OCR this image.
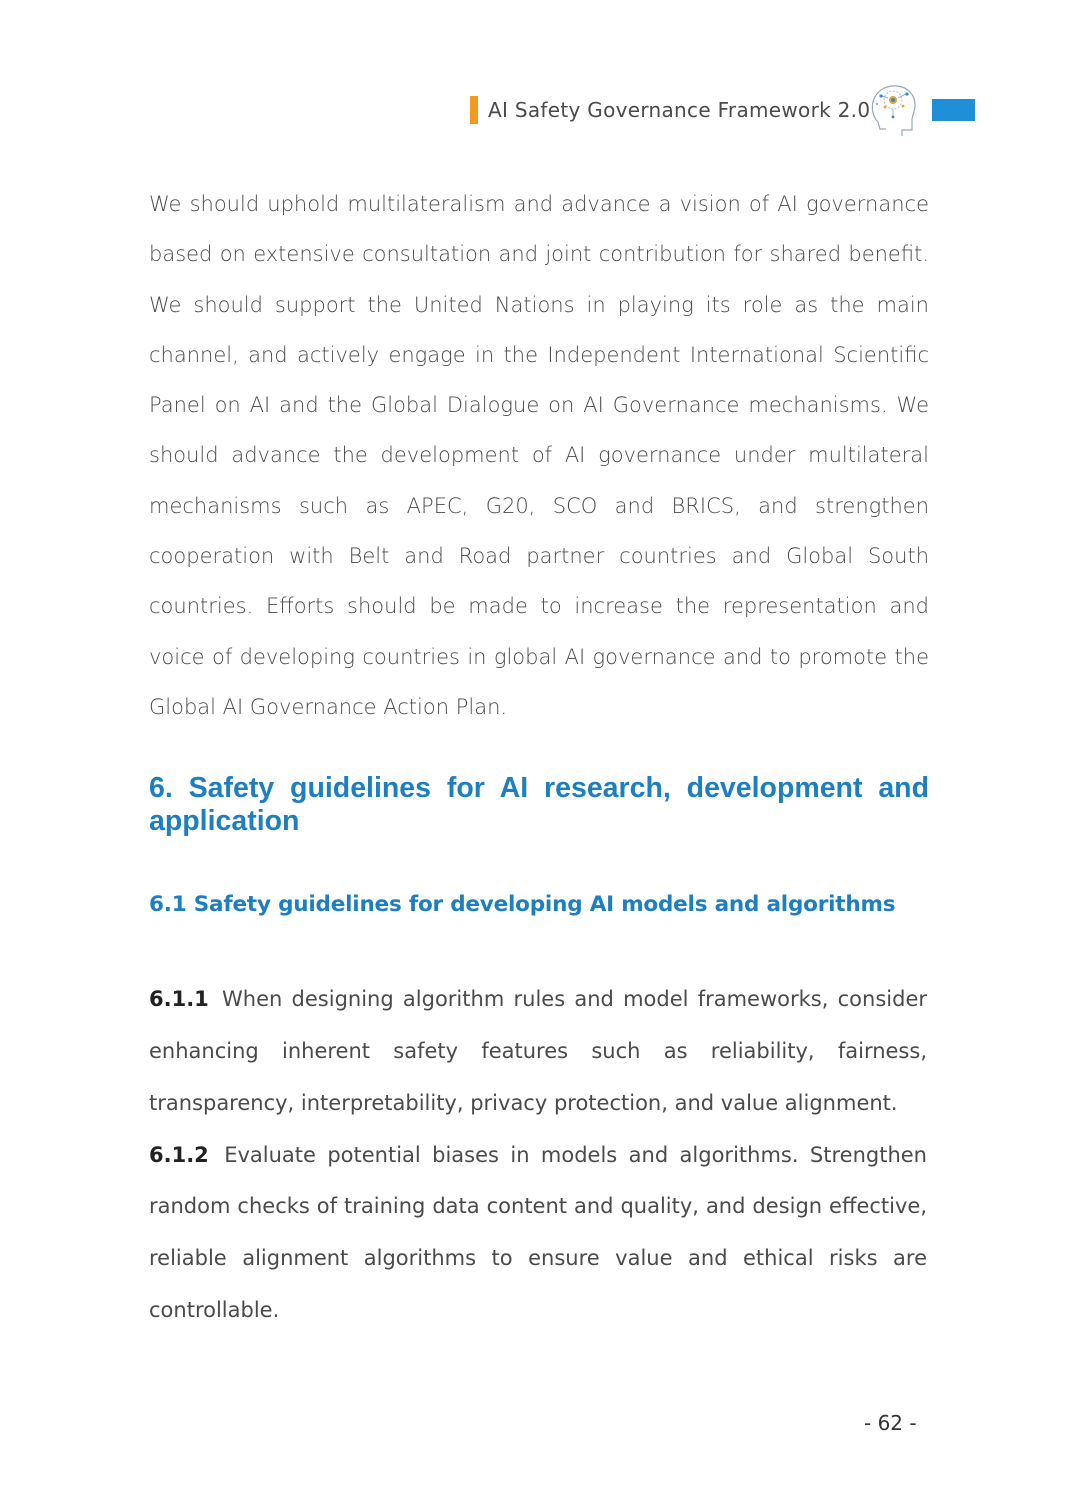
AI Safety Governance Framework 2.0

We should uphold multilateralism and advance a vision of AI governance based on extensive consultation and joint contribution for shared benefit. We should support the United Nations in playing its role as the main channel, and actively engage in the Independent International Scientific Panel on AI and the Global Dialogue on AI Governance mechanisms. We should advance the development of AI governance under multilateral mechanisms such as APEC, G20, SCO and BRICS, and strengthen cooperation with Belt and Road partner countries and Global South countries. Efforts should be made to increase the representation and voice of developing countries in global AI governance and to promote the Global AI Governance Action Plan.

6. Safety guidelines for AI research, development and application
6.1 Safety guidelines for developing AI models and algorithms

6.1.1 When designing algorithm rules and model frameworks, consider enhancing inherent safety features such as reliability, fairness, transparency, interpretability, privacy protection, and value alignment.

6.1.2 Evaluate potential biases in models and algorithms. Strengthen random checks of training data content and quality, and design effective, reliable alignment algorithms to ensure value and ethical risks are controllable.

- 62 -
